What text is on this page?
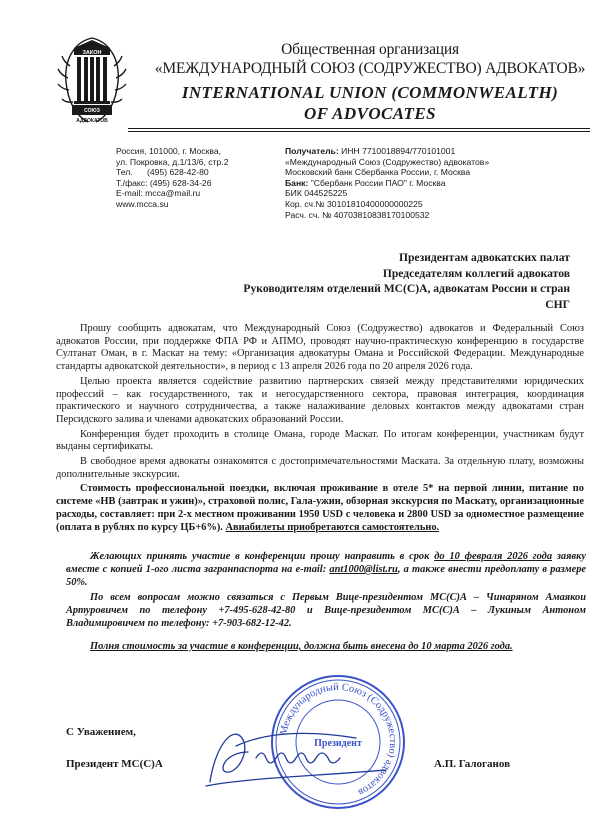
ЗАКОН
СОЮЗ
АДВОКАТОВ
Общественная организация
«МЕЖДУНАРОДНЫЙ СОЮЗ (СОДРУЖЕСТВО) АДВОКАТОВ»
INTERNATIONAL UNION (COMMONWEALTH)
OF ADVOCATES
Россия, 101000, г. Москва,
ул. Покровка, д.1/13/6, стр.2
Тел. (495) 628-42-80
Т./факс: (495) 628-34-26
E-mail: mcca@mail.ru
www.mcca.su
Получатель: ИНН 7710018894/770101001
«Международный Союз (Содружество) адвокатов»
Московский банк Сбербанка России, г. Москва
Банк: "Сбербанк России ПАО" г. Москва
БИК 044525225
Кор. сч.№ 30101810400000000225
Расч. сч. № 40703810838170100532
Президентам адвокатских палат
Председателям коллегий адвокатов
Руководителям отделений МС(С)А, адвокатам России и стран
СНГ

Прошу сообщить адвокатам, что Международный Союз (Содружество) адвокатов и Федеральный Союз адвокатов России, при поддержке ФПА РФ и АПМО, проводят научно-практическую конференцию в государстве Султанат Оман, в г. Маскат на тему: «Организация адвокатуры Омана и Российской Федерации. Международные стандарты адвокатской деятельности», в период с 13 апреля 2026 года по 20 апреля 2026 года.

Целью проекта является содействие развитию партнерских связей между представителями юридических профессий – как государственного, так и негосударственного сектора, правовая интеграция, координация практического и научного сотрудничества, а также налаживание деловых контактов между адвокатами стран Персидского залива и членами адвокатских образований России.

Конференция будет проходить в столице Омана, городе Маскат. По итогам конференции, участникам будут выданы сертификаты.

В свободное время адвокаты ознакомятся с достопримечательностями Маската. За отдельную плату, возможны дополнительные экскурсии.

Стоимость профессиональной поездки, включая проживание в отеле 5* на первой линии, питание по системе «HB (завтрак и ужин)», страховой полис, Гала-ужин, обзорная экскурсия по Маскату, организационные расходы, составляет: при 2-х местном проживании 1950 USD с человека и 2800 USD за одноместное размещение (оплата в рублях по курсу ЦБ+6%). Авиабилеты приобретаются самостоятельно.

Желающих принять участие в конференции прошу направить в срок до 10 февраля 2026 года заявку вместе с копией 1-ого листа загранпаспорта на e-mail: ant1000@list.ru, а также внести предоплату в размере 50%.

По всем вопросам можно связаться с Первым Вице-президентом МС(С)А – Чинаряном Амаякои Артуровичем по телефону +7-495-628-42-80 и Вице-президентом МС(С)А – Лукиным Антоном Владимировичем по телефону: +7-903-682-12-42.

Полня стоимость за участие в конференции, должна быть внесена до 10 марта 2026 года.

Международный Союз (Содружество) адвокатов
Президент
С Уважением,
Президент МС(С)А	А.П. Галоганов
